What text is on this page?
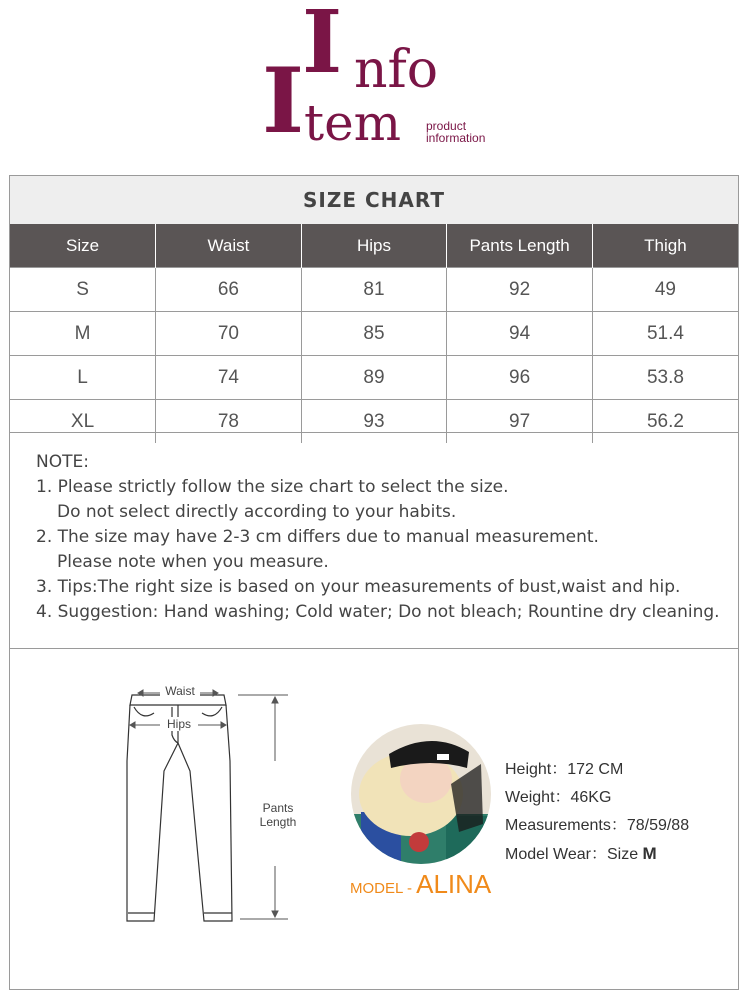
I nfo
I tem product
information
SIZE CHART
Size	Waist	Hips	Pants Length	Thigh
S	66	81	92	49
M	70	85	94	51.4
L	74	89	96	53.8
XL	78	93	97	56.2
NOTE:
1. Please strictly follow the size chart to select the size.
Do not select directly according to your habits.
2. The size may have 2-3 cm differs due to manual measurement.
Please note when you measure.
3. Tips:The right size is based on your measurements of bust,waist and hip.
4. Suggestion: Hand washing; Cold water; Do not bleach; Rountine dry cleaning.
Waist
Hips
Pants
Length
Height：172 CM
Weight：46KG
Measurements：78/59/88
Model Wear：Size M
MODEL - ALINA
